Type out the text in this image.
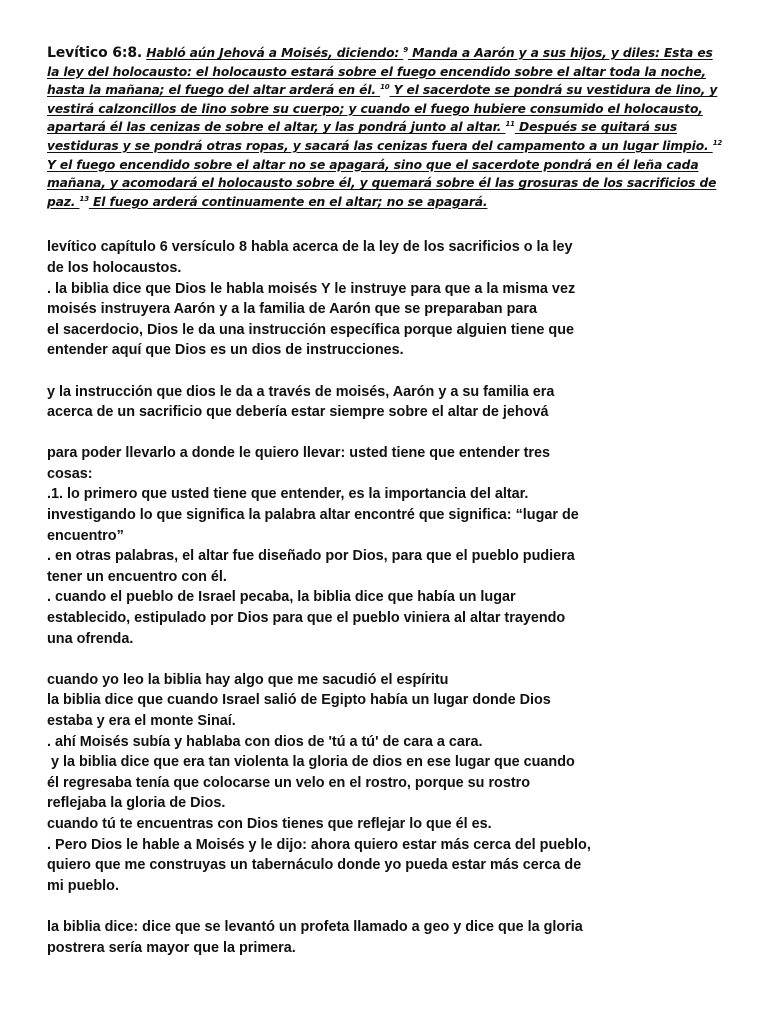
Levítico 6:8. Habló aún Jehová a Moisés, diciendo: $^9$ Manda a Aarón y a sus hijos, y diles: Esta es la ley del holocausto: el holocausto estará sobre el fuego encendido sobre el altar toda la noche, hasta la mañana; el fuego del altar arderá en él. $^{10}$ Y el sacerdote se pondrá su vestidura de lino, y vestirá calzoncillos de lino sobre su cuerpo; y cuando el fuego hubiere consumido el holocausto, apartará él las cenizas de sobre el altar, y las pondrá junto al altar. $^{11}$ Después se quitará sus vestiduras y se pondrá otras ropas, y sacará las cenizas fuera del campamento a un lugar limpio. $^{12}$ Y el fuego encendido sobre el altar no se apagará, sino que el sacerdote pondrá en él leña cada mañana, y acomodará el holocausto sobre él, y quemará sobre él las grosuras de los sacrificios de paz. $^{13}$ El fuego arderá continuamente en el altar; no se apagará.

levítico capítulo 6 versículo 8 habla acerca de la ley de los sacrificios o la ley
de los holocaustos.
. la biblia dice que Dios le habla moisés Y le instruye para que a la misma vez
moisés instruyera Aarón y a la familia de Aarón que se preparaban para
el sacerdocio, Dios le da una instrucción específica porque alguien tiene que
entender aquí que Dios es un dios de instrucciones.
y la instrucción que dios le da a través de moisés, Aarón y a su familia era
acerca de un sacrificio que debería estar siempre sobre el altar de jehová
para poder llevarlo a donde le quiero llevar: usted tiene que entender tres
cosas:
.1. lo primero que usted tiene que entender, es la importancia del altar.
investigando lo que significa la palabra altar encontré que significa: “lugar de
encuentro”
. en otras palabras, el altar fue diseñado por Dios, para que el pueblo pudiera
tener un encuentro con él.
. cuando el pueblo de Israel pecaba, la biblia dice que había un lugar
establecido, estipulado por Dios para que el pueblo viniera al altar trayendo
una ofrenda.
cuando yo leo la biblia hay algo que me sacudió el espíritu
la biblia dice que cuando Israel salió de Egipto había un lugar donde Dios
estaba y era el monte Sinaí.
. ahí Moisés subía y hablaba con dios de 'tú a tú' de cara a cara.
y la biblia dice que era tan violenta la gloria de dios en ese lugar que cuando
él regresaba tenía que colocarse un velo en el rostro, porque su rostro
reflejaba la gloria de Dios.
cuando tú te encuentras con Dios tienes que reflejar lo que él es.
. Pero Dios le hable a Moisés y le dijo: ahora quiero estar más cerca del pueblo,
quiero que me construyas un tabernáculo donde yo pueda estar más cerca de
mi pueblo.
la biblia dice: dice que se levantó un profeta llamado a geo y dice que la gloria
postrera sería mayor que la primera.
